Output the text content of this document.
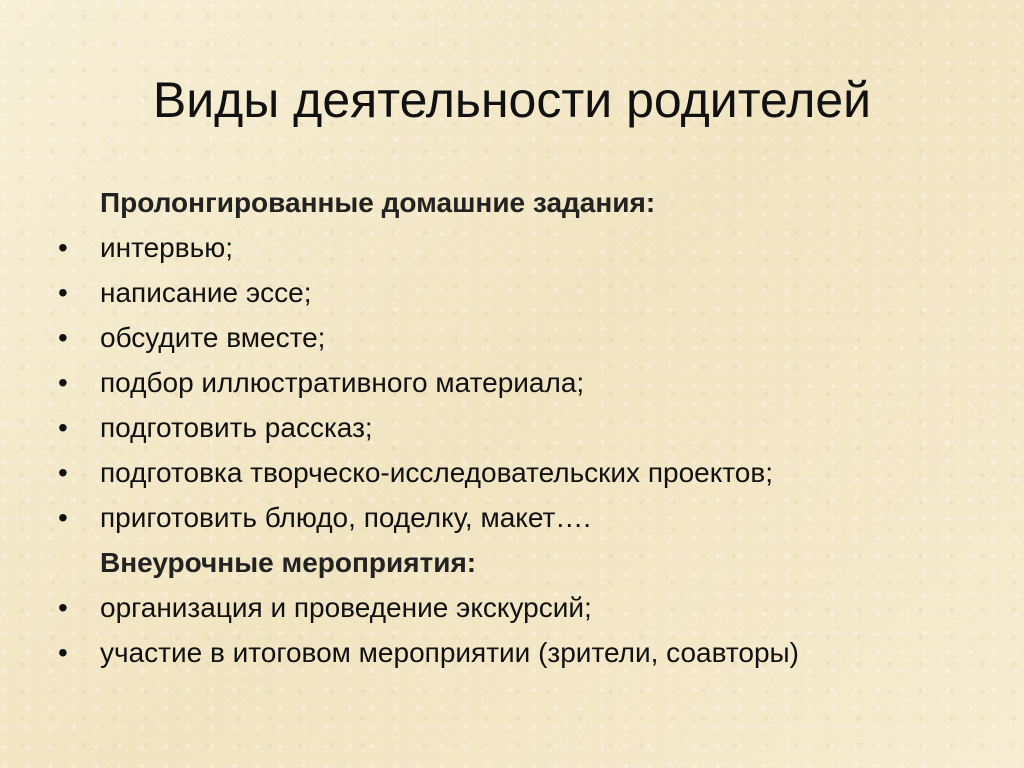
Виды деятельности родителей
Пролонгированные домашние задания:
•	интервью;
•	написание эссе;
•	обсудите вместе;
•	подбор иллюстративного материала;
•	подготовить рассказ;
•	подготовка творческо-исследовательских проектов;
•	приготовить блюдо, поделку, макет….
Внеурочные мероприятия:
•	организация и проведение экскурсий;
•	участие в итоговом мероприятии (зрители, соавторы)
